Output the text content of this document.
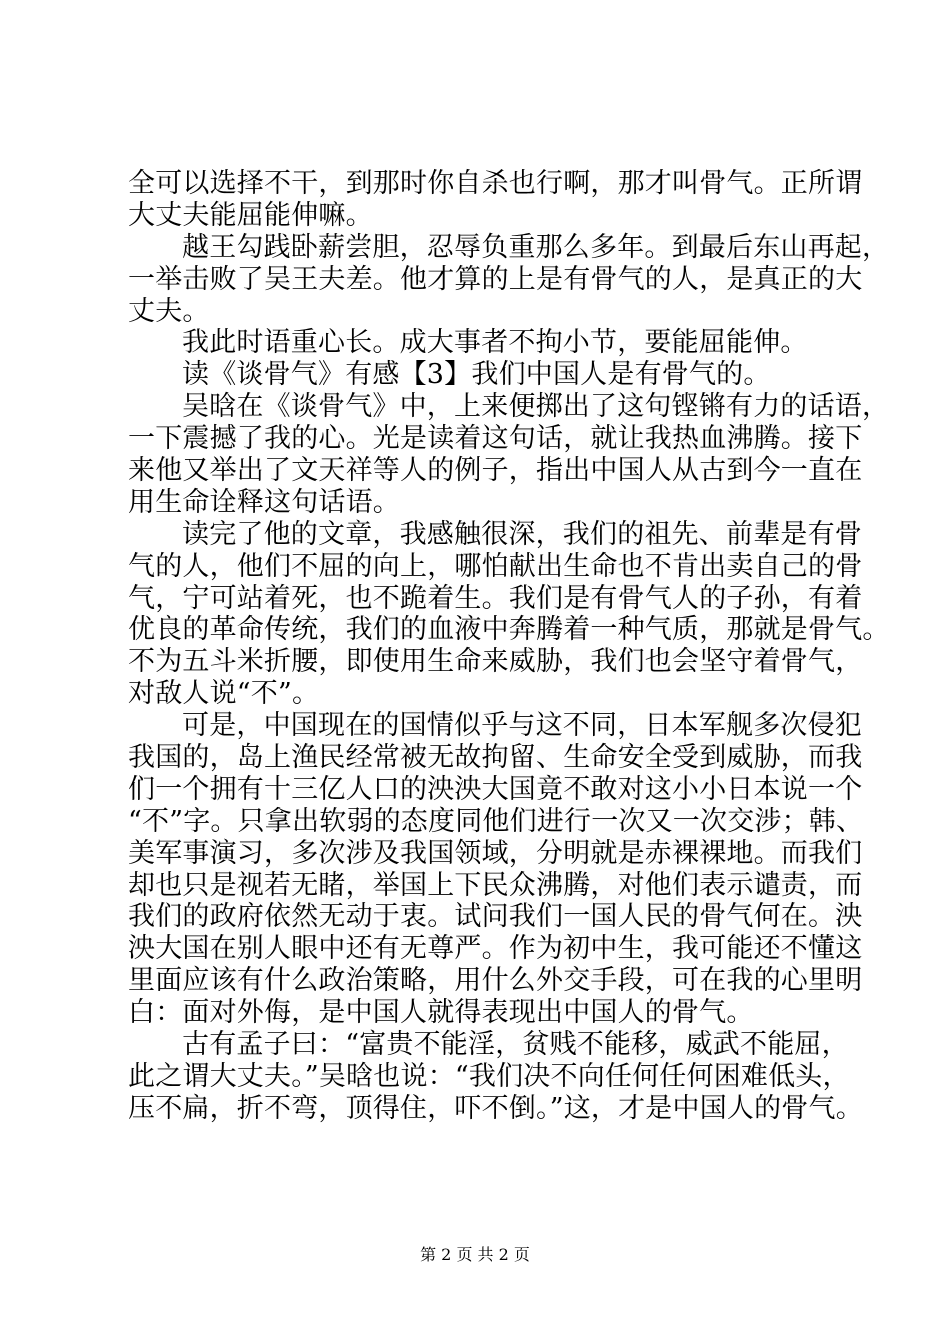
全可以选择不干，到那时你自杀也行啊，那才叫骨气。正所谓
大丈夫能屈能伸嘛。
越王勾践卧薪尝胆，忍辱负重那么多年。到最后东山再起，
一举击败了吴王夫差。他才算的上是有骨气的人，是真正的大
丈夫。
我此时语重心长。成大事者不拘小节，要能屈能伸。
读《谈骨气》有感【3】我们中国人是有骨气的。
吴晗在《谈骨气》中，上来便掷出了这句铿锵有力的话语，
一下震撼了我的心。光是读着这句话，就让我热血沸腾。接下
来他又举出了文天祥等人的例子，指出中国人从古到今一直在
用生命诠释这句话语。
读完了他的文章，我感触很深，我们的祖先、前辈是有骨
气的人，他们不屈的向上，哪怕献出生命也不肯出卖自己的骨
气，宁可站着死，也不跪着生。我们是有骨气人的子孙，有着
优良的革命传统，我们的血液中奔腾着一种气质，那就是骨气。
不为五斗米折腰，即使用生命来威胁，我们也会坚守着骨气，
对敌人说“不”。
可是，中国现在的国情似乎与这不同，日本军舰多次侵犯
我国的，岛上渔民经常被无故拘留、生命安全受到威胁，而我
们一个拥有十三亿人口的泱泱大国竟不敢对这小小日本说一个
“不”字。只拿出软弱的态度同他们进行一次又一次交涉；韩、
美军事演习，多次涉及我国领域，分明就是赤裸裸地。而我们
却也只是视若无睹，举国上下民众沸腾，对他们表示谴责，而
我们的政府依然无动于衷。试问我们一国人民的骨气何在。泱
泱大国在别人眼中还有无尊严。作为初中生，我可能还不懂这
里面应该有什么政治策略，用什么外交手段，可在我的心里明
白：面对外侮，是中国人就得表现出中国人的骨气。
古有孟子曰：“富贵不能淫，贫贱不能移，威武不能屈，
此之谓大丈夫。”吴晗也说：“我们决不向任何任何困难低头，
压不扁，折不弯，顶得住，吓不倒。”这，才是中国人的骨气。
第 2 页 共 2 页
